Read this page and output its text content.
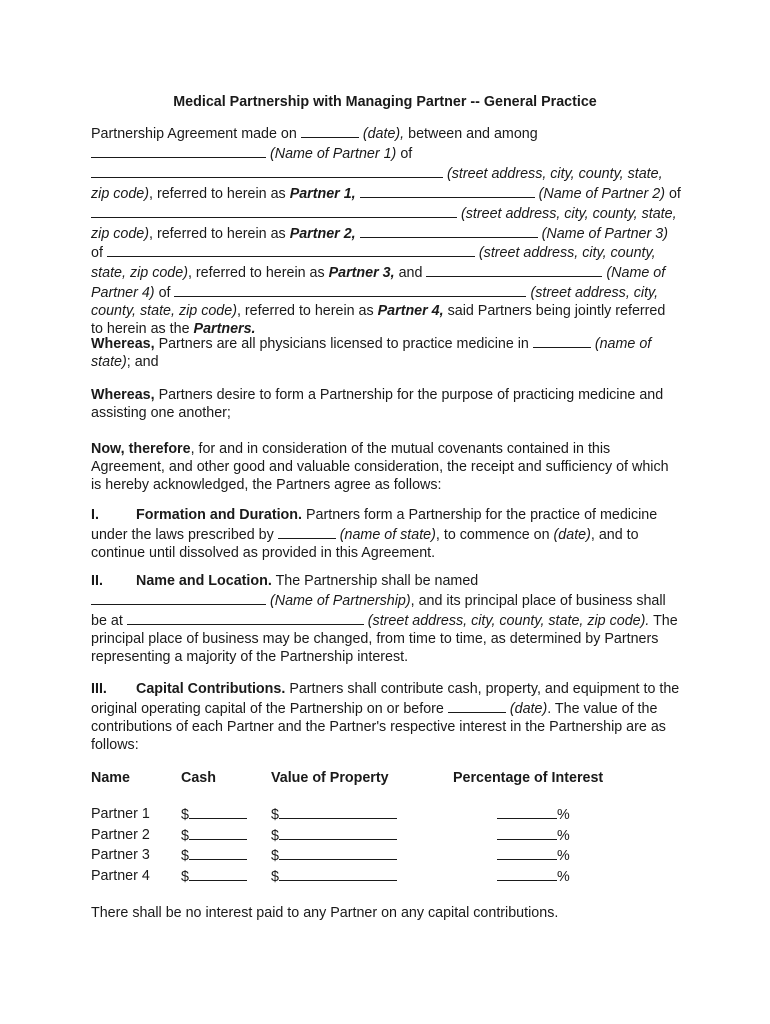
Medical Partnership with Managing Partner -- General Practice
Partnership Agreement made on	(date), between and among
(Name of Partner 1) of
(street address, city, county, state, zip code), referred to herein as Partner 1,	(Name of Partner 2) of  (street address, city, county, state, zip code), referred to herein as Partner 2,	(Name of Partner 3) of	(street address, city, county, state, zip code), referred to herein as Partner 3, and	(Name of Partner 4) of	(street address, city, county, state, zip code), referred to herein as Partner 4, said Partners being jointly referred to herein as the Partners.
Whereas, Partners are all physicians licensed to practice medicine in	(name of state); and
Whereas, Partners desire to form a Partnership for the purpose of practicing medicine and assisting one another;
Now, therefore, for and in consideration of the mutual covenants contained in this Agreement, and other good and valuable consideration, the receipt and sufficiency of which is hereby acknowledged, the Partners agree as follows:
I.	Formation and Duration. Partners form a Partnership for the practice of medicine under the laws prescribed by	(name of state), to commence on (date), and to continue until dissolved as provided in this Agreement.
II. Name and Location. The Partnership shall be named
(Name of Partnership), and its principal place of business shall be at	(street address, city, county, state, zip code). The principal place of business may be changed, from time to time, as determined by Partners representing a majority of the Partnership interest.
III. Capital Contributions. Partners shall contribute cash, property, and equipment to the original operating capital of the Partnership on or before	(date). The value of the contributions of each Partner and the Partner's respective interest in the Partnership are as follows:
Name	Cash	Value of Property	Percentage of Interest
Partner 1 $	$	%
Partner 2 $	$	%
Partner 3 $	$	%
Partner 4 $	$	%
There shall be no interest paid to any Partner on any capital contributions.
